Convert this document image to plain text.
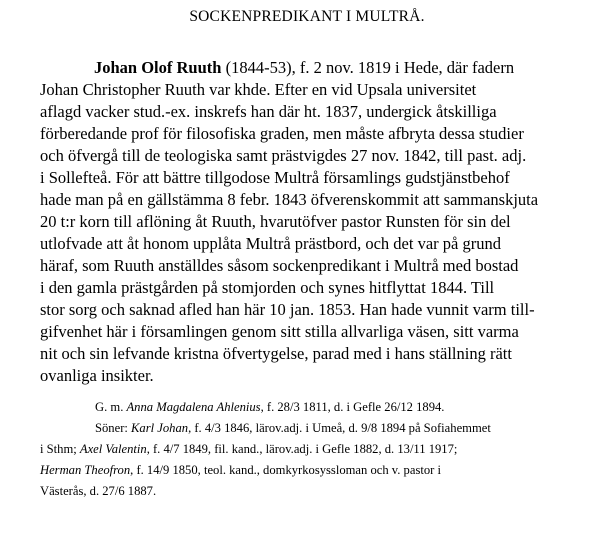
SOCKENPREDIKANT I MULTRÅ.
Johan Olof Ruuth (1844-53), f. 2 nov. 1819 i Hede, där fadern
Johan Christopher Ruuth var khde. Efter en vid Upsala universitet
aflagd vacker stud.-ex. inskrefs han där ht. 1837, undergick åtskilliga
förberedande prof för filosofiska graden, men måste afbryta dessa studier
och öfvergå till de teologiska samt prästvigdes 27 nov. 1842, till past. adj.
i Sollefteå. För att bättre tillgodose Multrå församlings gudstjänstbehof
hade man på en gällstämma 8 febr. 1843 öfverenskommit att sammanskjuta
20 t:r korn till aflöning åt Ruuth, hvarutöfver pastor Runsten för sin del
utlofvade att åt honom upplåta Multrå prästbord, och det var på grund
häraf, som Ruuth anställdes såsom sockenpredikant i Multrå med bostad
i den gamla prästgården på stomjorden och synes hitflyttat 1844. Till
stor sorg och saknad afled han här 10 jan. 1853. Han hade vunnit varm till-
gifvenhet här i församlingen genom sitt stilla allvarliga väsen, sitt varma
nit och sin lefvande kristna öfvertygelse, parad med i hans ställning rätt
ovanliga insikter.
G. m. Anna Magdalena Ahlenius, f. 28/3 1811, d. i Gefle 26/12 1894.
Söner: Karl Johan, f. 4/3 1846, lärov.adj. i Umeå, d. 9/8 1894 på Sofiahemmet
i Sthm; Axel Valentin, f. 4/7 1849, fil. kand., lärov.adj. i Gefle 1882, d. 13/11 1917;
Herman Theofron, f. 14/9 1850, teol. kand., domkyrkosyssloman och v. pastor i
Västerås, d. 27/6 1887.
